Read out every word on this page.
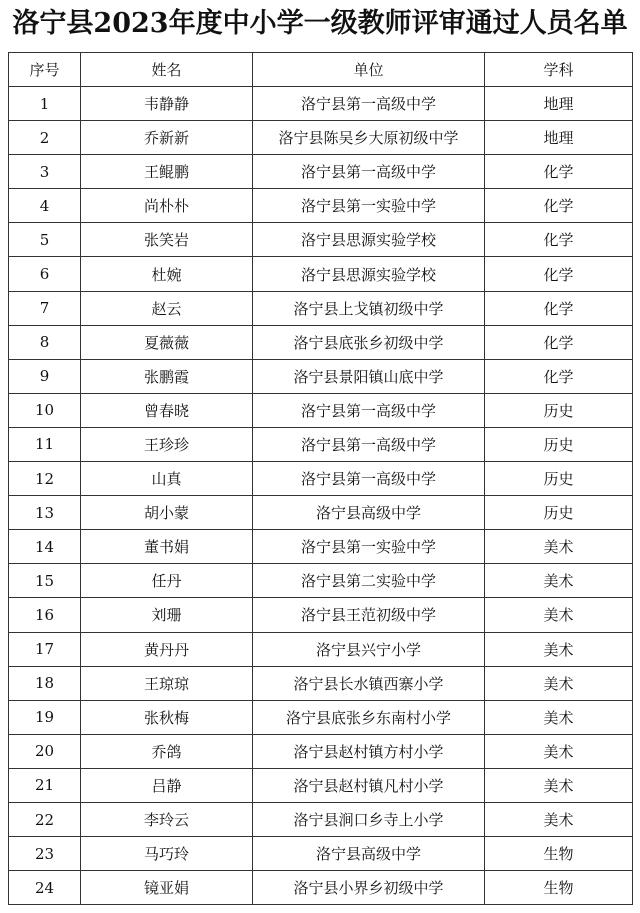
洛宁县2023年度中小学一级教师评审通过人员名单
序号	姓名	单位	学科
1	韦静静	洛宁县第一高级中学	地理
2	乔新新	洛宁县陈吴乡大原初级中学	地理
3	王鲲鹏	洛宁县第一高级中学	化学
4	尚朴朴	洛宁县第一实验中学	化学
5	张笑岩	洛宁县思源实验学校	化学
6	杜婉	洛宁县思源实验学校	化学
7	赵云	洛宁县上戈镇初级中学	化学
8	夏薇薇	洛宁县底张乡初级中学	化学
9	张鹏霞	洛宁县景阳镇山底中学	化学
10	曾春晓	洛宁县第一高级中学	历史
11	王珍珍	洛宁县第一高级中学	历史
12	山真	洛宁县第一高级中学	历史
13	胡小蒙	洛宁县高级中学	历史
14	董书娟	洛宁县第一实验中学	美术
15	任丹	洛宁县第二实验中学	美术
16	刘珊	洛宁县王范初级中学	美术
17	黄丹丹	洛宁县兴宁小学	美术
18	王琼琼	洛宁县长水镇西寨小学	美术
19	张秋梅	洛宁县底张乡东南村小学	美术
20	乔鸽	洛宁县赵村镇方村小学	美术
21	吕静	洛宁县赵村镇凡村小学	美术
22	李玲云	洛宁县涧口乡寺上小学	美术
23	马巧玲	洛宁县高级中学	生物
24	镜亚娟	洛宁县小界乡初级中学	生物
